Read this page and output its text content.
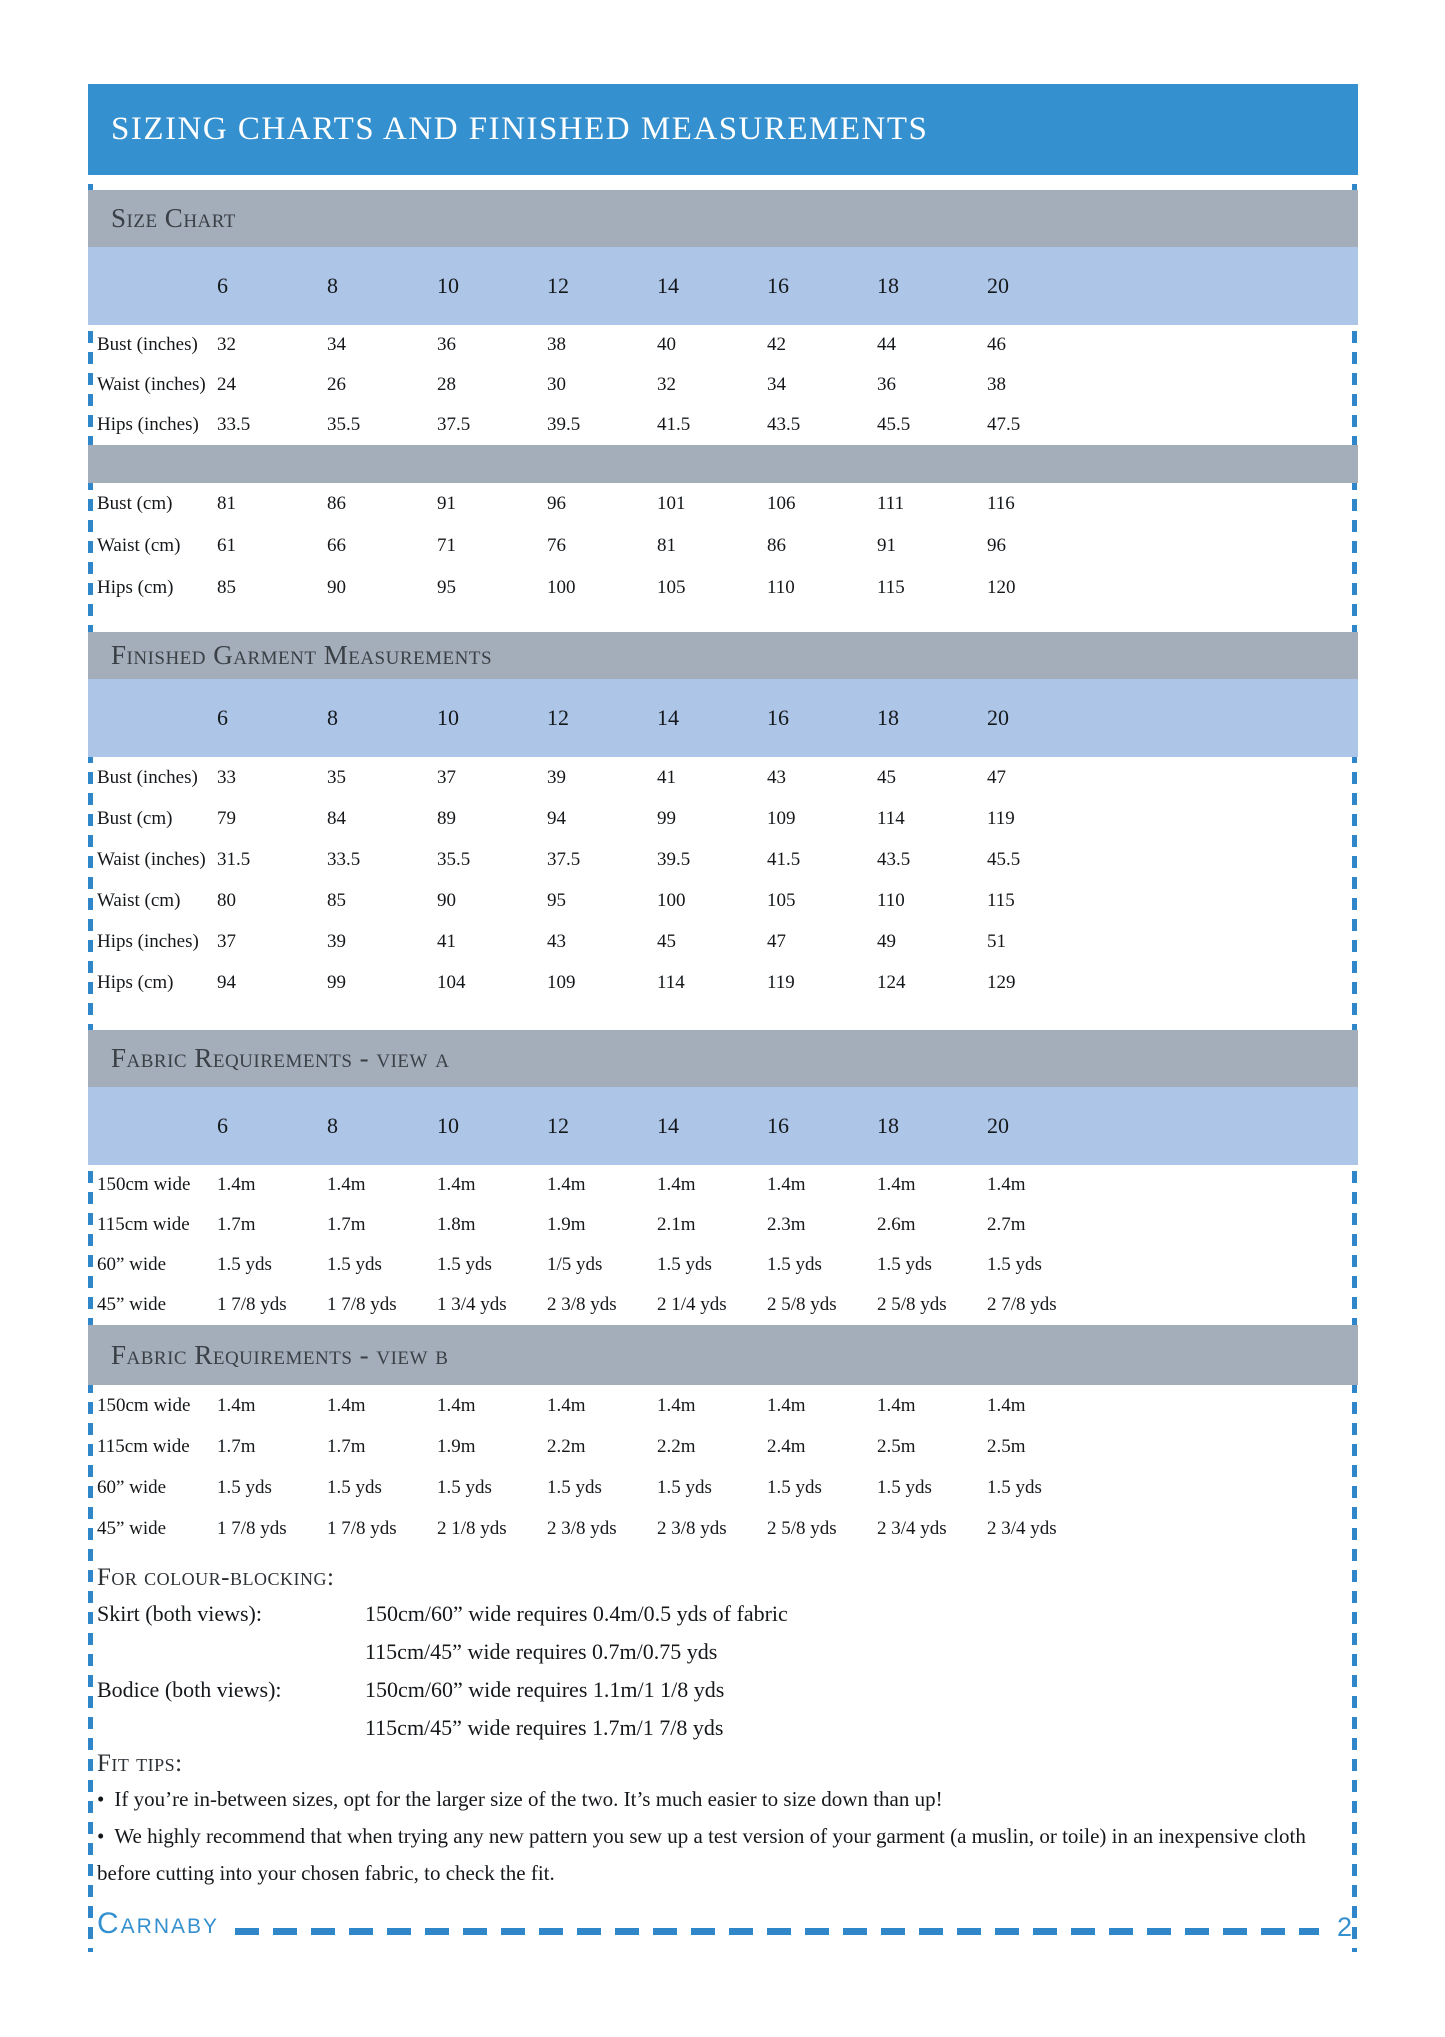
SIZING CHARTS AND FINISHED MEASUREMENTS
Size Chart
6	8	10	12	14	16	18	20
Bust (inches)	32	34	36	38	40	42	44	46
Waist (inches) 24	26	28	30	32	34	36	38
Hips (inches) 33.5	35.5	37.5	39.5	41.5	43.5	45.5	47.5
Bust (cm)	81	86	91	96	101	106	111	116
Waist (cm)	61	66	71	76	81	86	91	96
Hips (cm)	85	90	95	100	105	110	115	120
Finished Garment Measurements
6	8	10	12	14	16	18	20
Bust (inches)	33	35	37	39	41	43	45	47
Bust (cm)	79	84	89	94	99	109	114	119
Waist (inches) 31.5	33.5	35.5	37.5	39.5	41.5	43.5	45.5
Waist (cm)	80	85	90	95	100	105	110	115
Hips (inches) 37	39	41	43	45	47	49	51
Hips (cm)	94	99	104	109	114	119	124	129
Fabric Requirements - view a
6	8	10	12	14	16	18	20
150cm wide	1.4m	1.4m	1.4m	1.4m	1.4m	1.4m	1.4m	1.4m
115cm wide	1.7m	1.7m	1.8m	1.9m	2.1m	2.3m	2.6m	2.7m
60” wide	1.5 yds	1.5 yds	1.5 yds	1/5 yds	1.5 yds	1.5 yds	1.5 yds	1.5 yds
45” wide	1 7/8 yds	1 7/8 yds	1 3/4 yds	2 3/8 yds	2 1/4 yds	2 5/8 yds	2 5/8 yds	2 7/8 yds
Fabric Requirements - view b
150cm wide	1.4m	1.4m	1.4m	1.4m	1.4m	1.4m	1.4m	1.4m
115cm wide	1.7m	1.7m	1.9m	2.2m	2.2m	2.4m	2.5m	2.5m
60” wide	1.5 yds	1.5 yds	1.5 yds	1.5 yds	1.5 yds	1.5 yds	1.5 yds	1.5 yds
45” wide	1 7/8 yds	1 7/8 yds	2 1/8 yds	2 3/8 yds	2 3/8 yds	2 5/8 yds	2 3/4 yds	2 3/4 yds
For colour-blocking:
Skirt (both views):	150cm/60” wide requires 0.4m/0.5 yds of fabric
115cm/45” wide requires 0.7m/0.75 yds
Bodice (both views):	150cm/60” wide requires 1.1m/1 1/8 yds
115cm/45” wide requires 1.7m/1 7/8 yds
Fit tips:
• If you’re in-between sizes, opt for the larger size of the two. It’s much easier to size down than up!
• We highly recommend that when trying any new pattern you sew up a test version of your garment (a muslin, or toile) in an inexpensive cloth before cutting into your chosen fabric, to check the fit.
Carnaby	2
